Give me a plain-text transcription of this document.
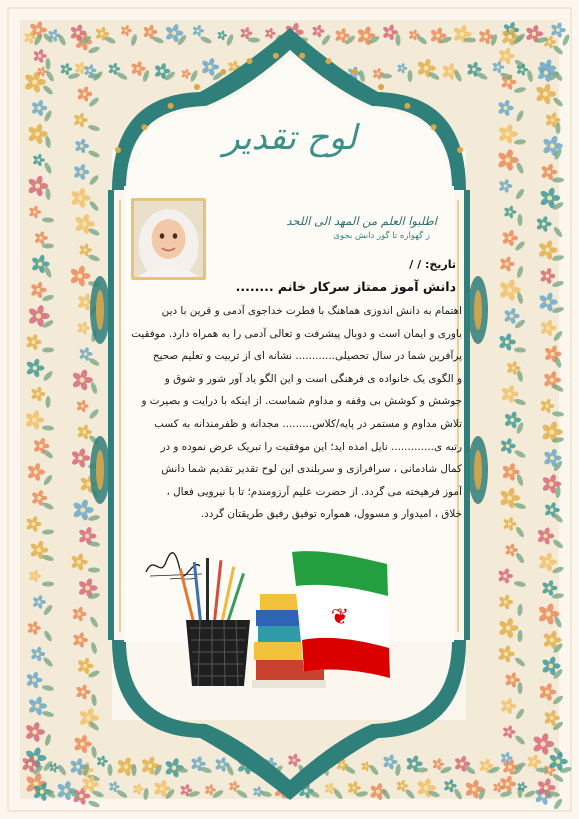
لوح تقدیر
اطلبوا العلم من المهد الی اللحد
ز گهواره تا گور دانش بجوی
تاریخ: / /
دانش آموز ممتاز سرکار خانم ........
اهتمام به دانش اندوزی هماهنگ با فطرت خداجوی آدمی و قرین با دین
باوری و ایمان است و دوبال پیشرفت و تعالی آدمی را به همراه دارد. موفقیت
پرآفرین شما در سال تحصیلی............ نشانه ای از تربیت و تعلیم صحیح
و الگوی یک خانواده ی فرهنگی است و این الگو یاد آور شور و شوق و
جوشش و کوشش بی وقفه و مداوم شماست. از اینکه با درایت و بصیرت و
تلاش مداوم و مستمر در پایه/کلاس......... مجدانه و ظفرمندانه به کسب
رتبه ی............. نایل امده اید؛ این موفقیت را تبریک عرض نموده و در
کمال شادمانی ، سرافرازی و سربلندی این لوح تقدیر تقدیم شما دانش
آموز فرهیخته می گردد. از حضرت علیم آرزومندم؛ تا با نیرویی فعال ،
خلاق ، امیدوار و مسوول، همواره توفیق رفیق طریقتان گردد.
❦
